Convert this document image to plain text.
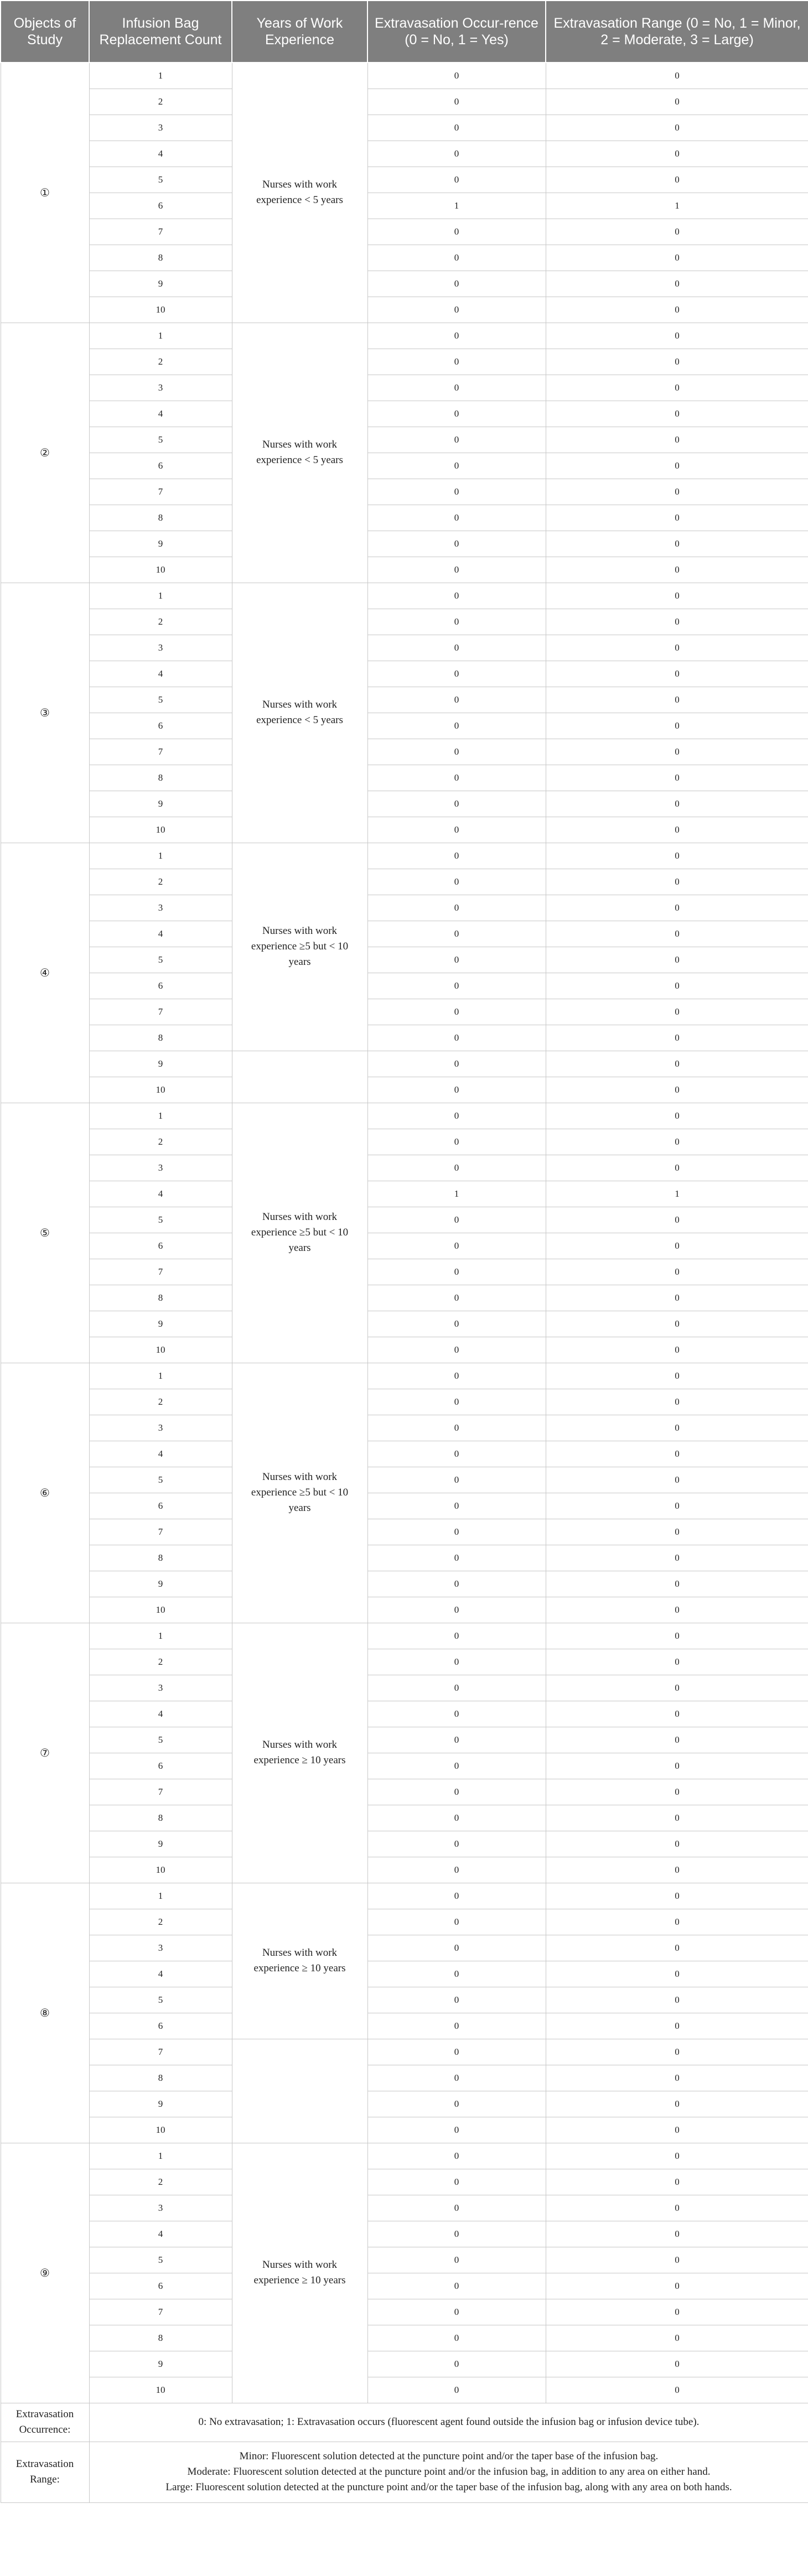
Objects of Study	Infusion Bag Replacement Count	Years of Work Experience	Extravasation Occur-rence (0 = No, 1 = Yes)	Extravasation Range (0 = No, 1 = Minor, 2 = Moderate, 3 = Large)
①	1	Nurses with work experience < 5 years	0	0
	2		0	0
	3		0	0
	4		0	0
	5		0	0
	6		1	1
	7		0	0
	8		0	0
	9		0	0
	10		0	0
②	1	Nurses with work experience < 5 years	0	0
	2		0	0
	3		0	0
	4		0	0
	5		0	0
	6		0	0
	7		0	0
	8		0	0
	9		0	0
	10		0	0
③	1	Nurses with work experience < 5 years	0	0
	2		0	0
	3		0	0
	4		0	0
	5		0	0
	6		0	0
	7		0	0
	8		0	0
	9		0	0
	10		0	0
④	1	Nurses with work experience ≥5 but < 10 years	0	0
	2		0	0
	3		0	0
	4		0	0
	5		0	0
	6		0	0
	7		0	0
	8		0	0
	9		0	0
	10		0	0
⑤	1	Nurses with work experience ≥5 but < 10 years	0	0
	2		0	0
	3		0	0
	4		1	1
	5		0	0
	6		0	0
	7		0	0
	8		0	0
	9		0	0
	10		0	0
⑥	1	Nurses with work experience ≥5 but < 10 years	0	0
	2		0	0
	3		0	0
	4		0	0
	5		0	0
	6		0	0
	7		0	0
	8		0	0
	9		0	0
	10		0	0
⑦	1	Nurses with work experience ≥ 10 years	0	0
	2		0	0
	3		0	0
	4		0	0
	5		0	0
	6		0	0
	7		0	0
	8		0	0
	9		0	0
	10		0	0
⑧	1	Nurses with work experience ≥ 10 years	0	0
	2		0	0
	3		0	0
	4		0	0
	5		0	0
	6		0	0
	7		0	0
	8		0	0
	9		0	0
	10		0	0
⑨	1	Nurses with work experience ≥ 10 years	0	0
	2		0	0
	3		0	0
	4		0	0
	5		0	0
	6		0	0
	7		0	0
	8		0	0
	9		0	0
	10		0	0
Extravasation Occurrence:	0: No extravasation; 1: Extravasation occurs (fluorescent agent found outside the infusion bag or infusion device tube).			

Extravasation Range:	Minor: Fluorescent solution detected at the puncture point and/or the taper base of the infusion bag.
Moderate: Fluorescent solution detected at the puncture point and/or the infusion bag, in addition to any area on either hand.
Large: Fluorescent solution detected at the puncture point and/or the taper base of the infusion bag, along with any area on both hands.			
